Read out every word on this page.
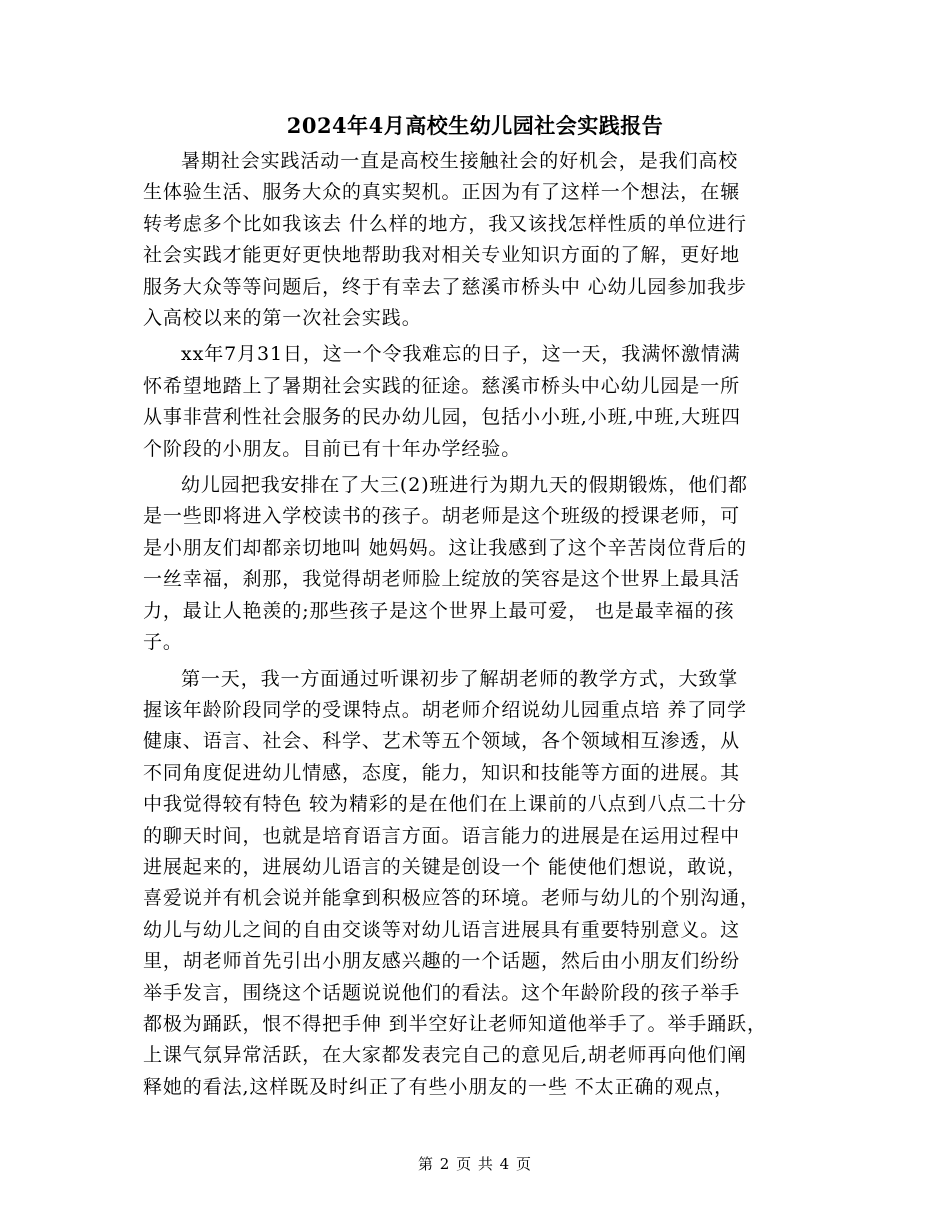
2024年4月高校生幼儿园社会实践报告

暑期社会实践活动一直是高校生接触社会的好机会，是我们高校
生体验生活、服务大众的真实契机。正因为有了这样一个想法，在辗
转考虑多个比如我该去 什么样的地方，我又该找怎样性质的单位进行
社会实践才能更好更快地帮助我对相关专业知识方面的了解，更好地
服务大众等等问题后，终于有幸去了慈溪市桥头中 心幼儿园参加我步
入高校以来的第一次社会实践。

xx年7月31日，这一个令我难忘的日子，这一天，我满怀激情满
怀希望地踏上了暑期社会实践的征途。慈溪市桥头中心幼儿园是一所
从事非营利性社会服务的民办幼儿园，包括小小班,小班,中班,大班四
个阶段的小朋友。目前已有十年办学经验。

幼儿园把我安排在了大三(2)班进行为期九天的假期锻炼，他们都
是一些即将进入学校读书的孩子。胡老师是这个班级的授课老师，可
是小朋友们却都亲切地叫 她妈妈。这让我感到了这个辛苦岗位背后的
一丝幸福，刹那，我觉得胡老师脸上绽放的笑容是这个世界上最具活
力，最让人艳羡的;那些孩子是这个世界上最可爱， 也是最幸福的孩
子。

第一天，我一方面通过听课初步了解胡老师的教学方式，大致掌
握该年龄阶段同学的受课特点。胡老师介绍说幼儿园重点培 养了同学
健康、语言、社会、科学、艺术等五个领域，各个领域相互渗透，从
不同角度促进幼儿情感，态度，能力，知识和技能等方面的进展。其
中我觉得较有特色 较为精彩的是在他们在上课前的八点到八点二十分
的聊天时间，也就是培育语言方面。语言能力的进展是在运用过程中
进展起来的，进展幼儿语言的关键是创设一个 能使他们想说，敢说，
喜爱说并有机会说并能拿到积极应答的环境。老师与幼儿的个别沟通，
幼儿与幼儿之间的自由交谈等对幼儿语言进展具有重要特别意义。这
里，胡老师首先引出小朋友感兴趣的一个话题，然后由小朋友们纷纷
举手发言，围绕这个话题说说他们的看法。这个年龄阶段的孩子举手
都极为踊跃，恨不得把手伸 到半空好让老师知道他举手了。举手踊跃，
上课气氛异常活跃，在大家都发表完自己的意见后,胡老师再向他们阐
释她的看法,这样既及时纠正了有些小朋友的一些 不太正确的观点，

第 2 页 共 4 页
